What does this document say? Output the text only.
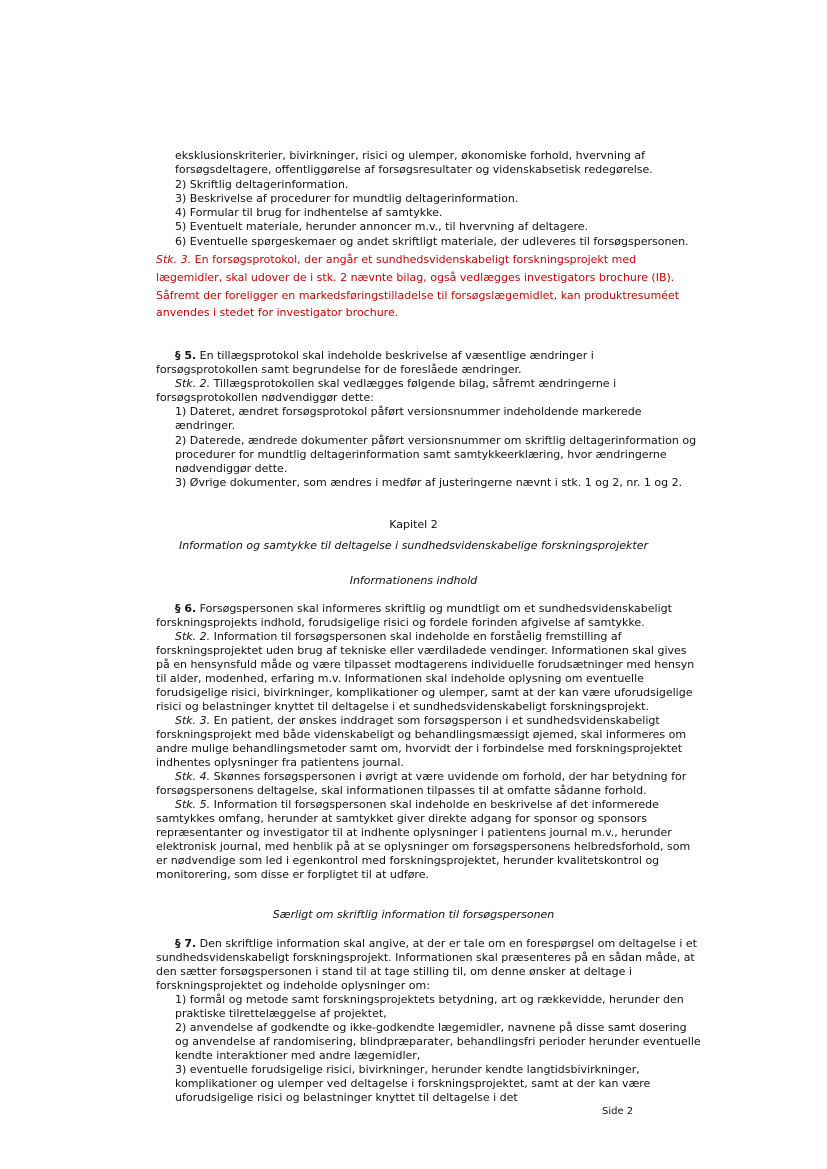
eksklusionskriterier, bivirkninger, risici og ulemper, økonomiske forhold, hvervning af
forsøgsdeltagere, offentliggørelse af forsøgsresultater og videnskabsetisk redegørelse.
2) Skriftlig deltagerinformation.
3) Beskrivelse af procedurer for mundtlig deltagerinformation.
4) Formular til brug for indhentelse af samtykke.
5) Eventuelt materiale, herunder annoncer m.v., til hvervning af deltagere.
6) Eventuelle spørgeskemaer og andet skriftligt materiale, der udleveres til forsøgspersonen.
Stk. 3. En forsøgsprotokol, der angår et sundhedsvidenskabeligt forskningsprojekt med
lægemidler, skal udover de i stk. 2 nævnte bilag, også vedlægges investigators brochure (IB).
Såfremt der foreligger en markedsføringstilladelse til forsøgslægemidlet, kan produktresuméet
anvendes i stedet for investigator brochure.
§ 5. En tillægsprotokol skal indeholde beskrivelse af væsentlige ændringer i
forsøgsprotokollen samt begrundelse for de foreslåede ændringer.
Stk. 2. Tillægsprotokollen skal vedlægges følgende bilag, såfremt ændringerne i
forsøgsprotokollen nødvendiggør dette:
1) Dateret, ændret forsøgsprotokol påført versionsnummer indeholdende markerede
ændringer.
2) Daterede, ændrede dokumenter påført versionsnummer om skriftlig deltagerinformation og
procedurer for mundtlig deltagerinformation samt samtykkeerklæring, hvor ændringerne
nødvendiggør dette.
3) Øvrige dokumenter, som ændres i medfør af justeringerne nævnt i stk. 1 og 2, nr. 1 og 2.
Kapitel 2
Information og samtykke til deltagelse i sundhedsvidenskabelige forskningsprojekter
Informationens indhold
§ 6. Forsøgspersonen skal informeres skriftlig og mundtligt om et sundhedsvidenskabeligt
forskningsprojekts indhold, forudsigelige risici og fordele forinden afgivelse af samtykke.
Stk. 2. Information til forsøgspersonen skal indeholde en forståelig fremstilling af
forskningsprojektet uden brug af tekniske eller værdiladede vendinger. Informationen skal gives
på en hensynsfuld måde og være tilpasset modtagerens individuelle forudsætninger med hensyn
til alder, modenhed, erfaring m.v. Informationen skal indeholde oplysning om eventuelle
forudsigelige risici, bivirkninger, komplikationer og ulemper, samt at der kan være uforudsigelige
risici og belastninger knyttet til deltagelse i et sundhedsvidenskabeligt forskningsprojekt.
Stk. 3. En patient, der ønskes inddraget som forsøgsperson i et sundhedsvidenskabeligt
forskningsprojekt med både videnskabeligt og behandlingsmæssigt øjemed, skal informeres om
andre mulige behandlingsmetoder samt om, hvorvidt der i forbindelse med forskningsprojektet
indhentes oplysninger fra patientens journal.
Stk. 4. Skønnes forsøgspersonen i øvrigt at være uvidende om forhold, der har betydning for
forsøgspersonens deltagelse, skal informationen tilpasses til at omfatte sådanne forhold.
Stk. 5. Information til forsøgspersonen skal indeholde en beskrivelse af det informerede
samtykkes omfang, herunder at samtykket giver direkte adgang for sponsor og sponsors
repræsentanter og investigator til at indhente oplysninger i patientens journal m.v., herunder
elektronisk journal, med henblik på at se oplysninger om forsøgspersonens helbredsforhold, som
er nødvendige som led i egenkontrol med forskningsprojektet, herunder kvalitetskontrol og
monitorering, som disse er forpligtet til at udføre.
Særligt om skriftlig information til forsøgspersonen
§ 7. Den skriftlige information skal angive, at der er tale om en forespørgsel om deltagelse i et
sundhedsvidenskabeligt forskningsprojekt. Informationen skal præsenteres på en sådan måde, at
den sætter forsøgspersonen i stand til at tage stilling til, om denne ønsker at deltage i
forskningsprojektet og indeholde oplysninger om:
1) formål og metode samt forskningsprojektets betydning, art og rækkevidde, herunder den
praktiske tilrettelæggelse af projektet,
2) anvendelse af godkendte og ikke-godkendte lægemidler, navnene på disse samt dosering
og anvendelse af randomisering, blindpræparater, behandlingsfri perioder herunder eventuelle
kendte interaktioner med andre lægemidler,
3) eventuelle forudsigelige risici, bivirkninger, herunder kendte langtidsbivirkninger,
komplikationer og ulemper ved deltagelse i forskningsprojektet, samt at der kan være
uforudsigelige risici og belastninger knyttet til deltagelse i det
Side 2
